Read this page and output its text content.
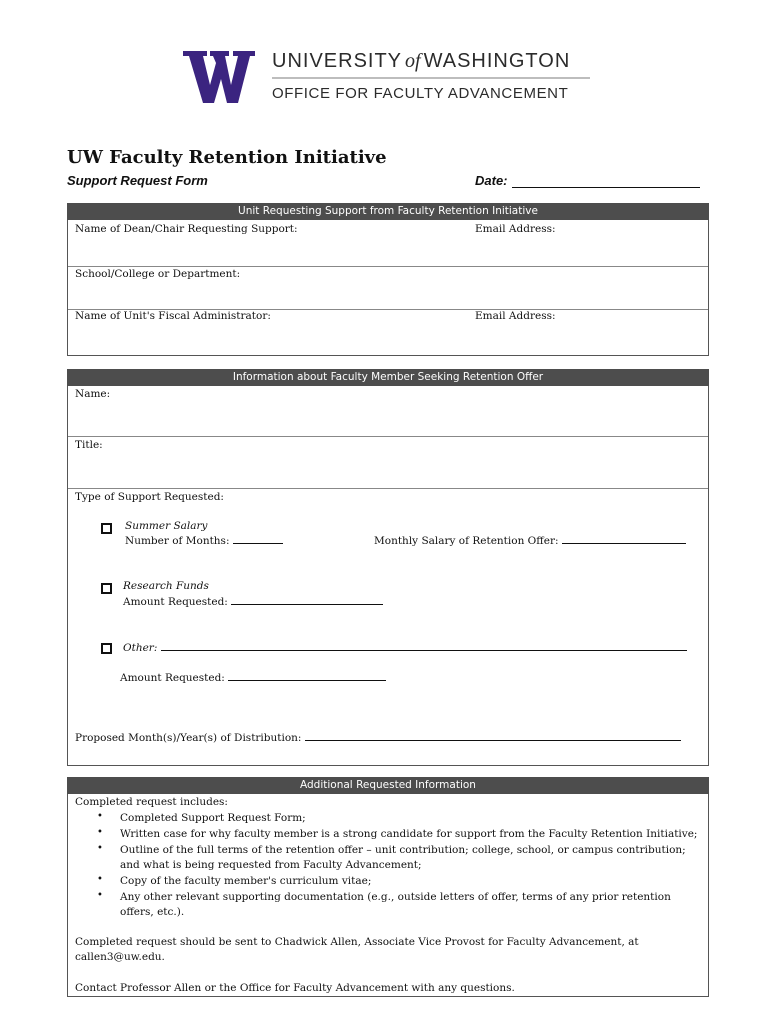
UNIVERSITY of WASHINGTON
OFFICE FOR FACULTY ADVANCEMENT
UW Faculty Retention Initiative
Support Request Form	Date:
Unit Requesting Support from Faculty Retention Initiative
Name of Dean/Chair Requesting Support:	Email Address:
School/College or Department:
Name of Unit's Fiscal Administrator:	Email Address:
Information about Faculty Member Seeking Retention Offer
Name:
Title:
Type of Support Requested:
Summer Salary
Number of Months:	Monthly Salary of Retention Offer:
Research Funds
Amount Requested:
Other:
Amount Requested:
Proposed Month(s)/Year(s) of Distribution:
Additional Requested Information
Completed request includes:
• Completed Support Request Form;
• Written case for why faculty member is a strong candidate for support from the Faculty Retention Initiative;
• Outline of the full terms of the retention offer – unit contribution; college, school, or campus contribution;
and what is being requested from Faculty Advancement;
• Copy of the faculty member's curriculum vitae;
• Any other relevant supporting documentation (e.g., outside letters of offer, terms of any prior retention
offers, etc.).
Completed request should be sent to Chadwick Allen, Associate Vice Provost for Faculty Advancement, at
callen3@uw.edu.
Contact Professor Allen or the Office for Faculty Advancement with any questions.
